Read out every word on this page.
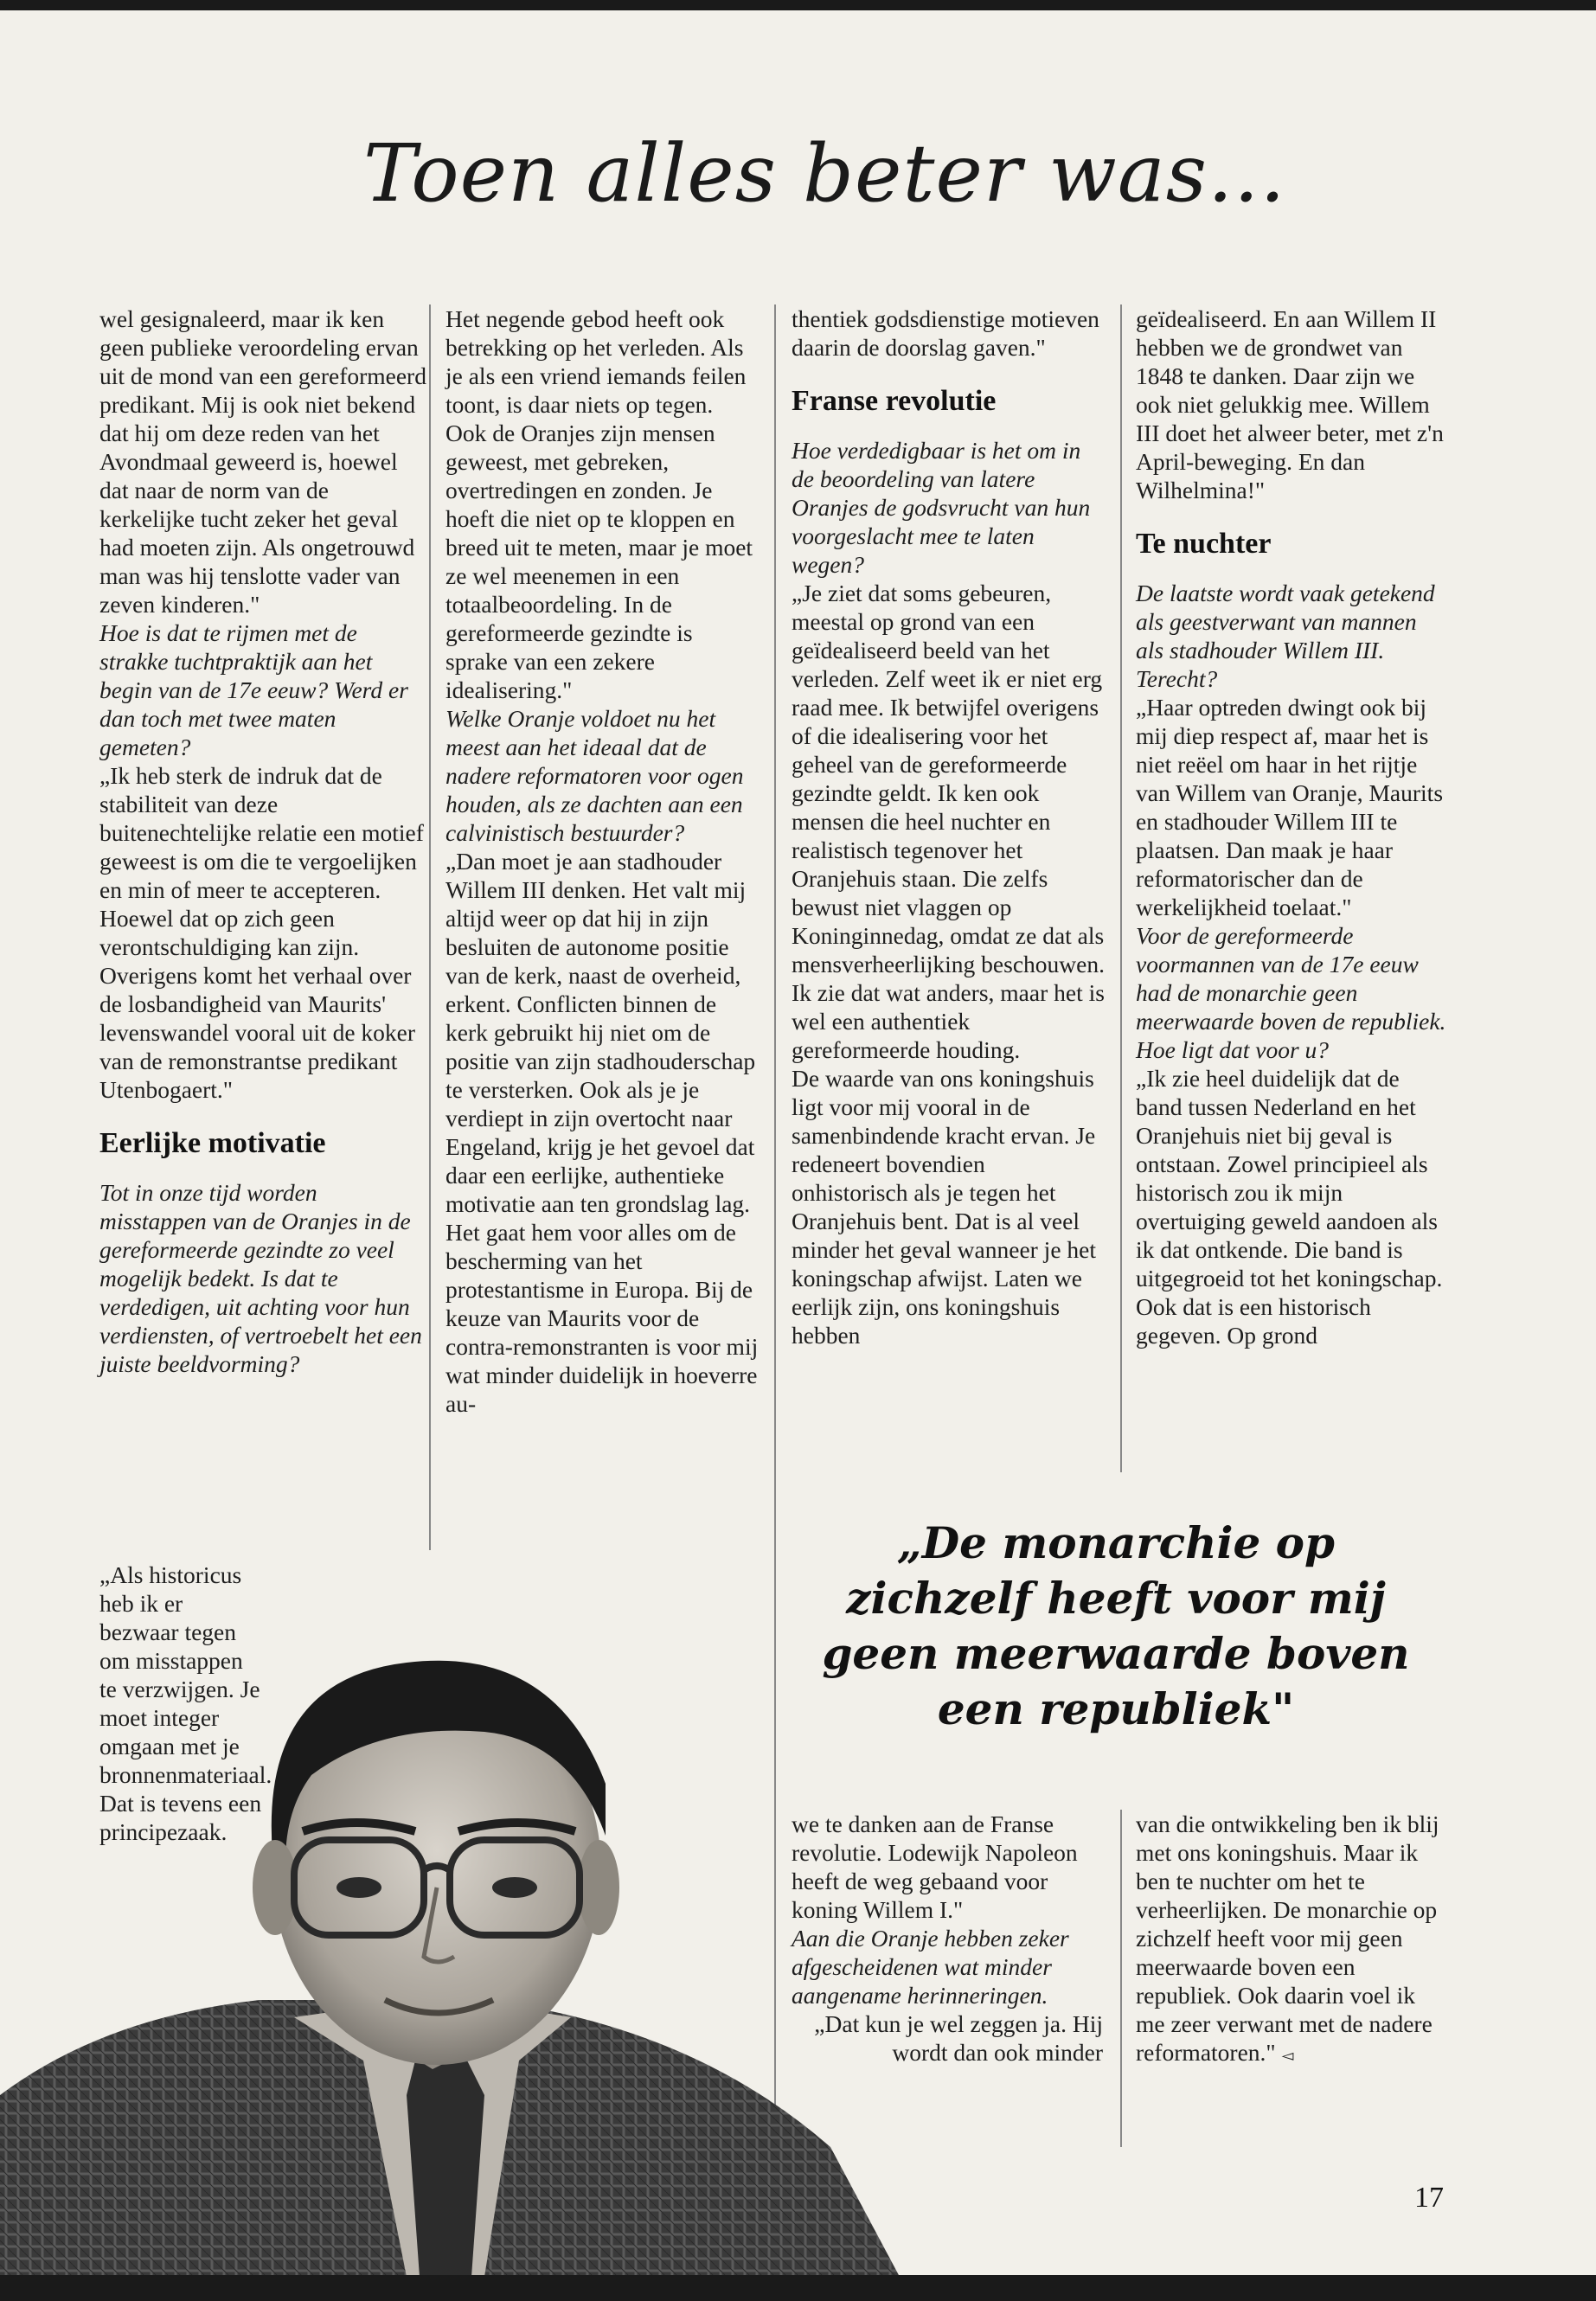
Toen alles beter was...

wel gesignaleerd, maar ik ken geen publieke veroordeling ervan uit de mond van een gereformeerd predikant. Mij is ook niet bekend dat hij om deze reden van het Avondmaal geweerd is, hoewel dat naar de norm van de kerkelijke tucht zeker het geval had moeten zijn. Als ongetrouwd man was hij tenslotte vader van zeven kinderen."

Hoe is dat te rijmen met de strakke tuchtpraktijk aan het begin van de 17e eeuw? Werd er dan toch met twee maten gemeten?

„Ik heb sterk de indruk dat de stabiliteit van deze buitenechtelijke relatie een motief geweest is om die te vergoelijken en min of meer te accepteren. Hoewel dat op zich geen verontschuldiging kan zijn. Overigens komt het verhaal over de losbandigheid van Maurits' levenswandel vooral uit de koker van de remonstrantse predikant Utenbogaert."

Eerlijke motivatie

Tot in onze tijd worden misstappen van de Oranjes in de gereformeerde gezindte zo veel mogelijk bedekt. Is dat te verdedigen, uit achting voor hun verdiensten, of vertroebelt het een juiste beeldvorming?

„Als historicus heb ik er bezwaar tegen om misstappen te verzwijgen. Je moet integer omgaan met je bronnenmateriaal. Dat is tevens een principezaak.

Het negende gebod heeft ook betrekking op het verleden. Als je als een vriend iemands feilen toont, is daar niets op tegen. Ook de Oranjes zijn mensen geweest, met gebreken, overtredingen en zonden. Je hoeft die niet op te kloppen en breed uit te meten, maar je moet ze wel meenemen in een totaalbeoordeling. In de gereformeerde gezindte is sprake van een zekere idealisering."

Welke Oranje voldoet nu het meest aan het ideaal dat de nadere reformatoren voor ogen houden, als ze dachten aan een calvinistisch bestuurder?

„Dan moet je aan stadhouder Willem III denken. Het valt mij altijd weer op dat hij in zijn besluiten de autonome positie van de kerk, naast de overheid, erkent. Conflicten binnen de kerk gebruikt hij niet om de positie van zijn stadhouderschap te versterken. Ook als je je verdiept in zijn overtocht naar Engeland, krijg je het gevoel dat daar een eerlijke, authentieke motivatie aan ten grondslag lag. Het gaat hem voor alles om de bescherming van het protestantisme in Europa. Bij de keuze van Maurits voor de contra-remonstranten is voor mij wat minder duidelijk in hoeverre au-

thentiek godsdienstige motieven daarin de doorslag gaven."

Franse revolutie

Hoe verdedigbaar is het om in de beoordeling van latere Oranjes de godsvrucht van hun voorgeslacht mee te laten wegen?

„Je ziet dat soms gebeuren, meestal op grond van een geïdealiseerd beeld van het verleden. Zelf weet ik er niet erg raad mee. Ik betwijfel overigens of die idealisering voor het geheel van de gereformeerde gezindte geldt. Ik ken ook mensen die heel nuchter en realistisch tegenover het Oranjehuis staan. Die zelfs bewust niet vlaggen op Koninginnedag, omdat ze dat als mensverheerlijking beschouwen. Ik zie dat wat anders, maar het is wel een authentiek gereformeerde houding.

De waarde van ons koningshuis ligt voor mij vooral in de samenbindende kracht ervan. Je redeneert bovendien onhistorisch als je tegen het Oranjehuis bent. Dat is al veel minder het geval wanneer je het koningschap afwijst. Laten we eerlijk zijn, ons koningshuis hebben

geïdealiseerd. En aan Willem II hebben we de grondwet van 1848 te danken. Daar zijn we ook niet gelukkig mee. Willem III doet het alweer beter, met z'n April-beweging. En dan Wilhelmina!"

Te nuchter

De laatste wordt vaak getekend als geestverwant van mannen als stadhouder Willem III. Terecht?

„Haar optreden dwingt ook bij mij diep respect af, maar het is niet reëel om haar in het rijtje van Willem van Oranje, Maurits en stadhouder Willem III te plaatsen. Dan maak je haar reformatorischer dan de werkelijkheid toelaat."

Voor de gereformeerde voormannen van de 17e eeuw had de monarchie geen meerwaarde boven de republiek. Hoe ligt dat voor u?

„Ik zie heel duidelijk dat de band tussen Nederland en het Oranjehuis niet bij geval is ontstaan. Zowel principieel als historisch zou ik mijn overtuiging geweld aandoen als ik dat ontkende. Die band is uitgegroeid tot het koningschap. Ook dat is een historisch gegeven. Op grond

„De monarchie op zichzelf heeft voor mij geen meerwaarde boven een republiek"

we te danken aan de Franse revolutie. Lodewijk Napoleon heeft de weg gebaand voor koning Willem I."

Aan die Oranje hebben zeker afgescheidenen wat minder aangename herinneringen.

„Dat kun je wel zeggen ja. Hij wordt dan ook minder

van die ontwikkeling ben ik blij met ons koningshuis. Maar ik ben te nuchter om het te verheerlijken. De monarchie op zichzelf heeft voor mij geen meerwaarde boven een republiek. Ook daarin voel ik me zeer verwant met de nadere reformatoren." ◅

17
